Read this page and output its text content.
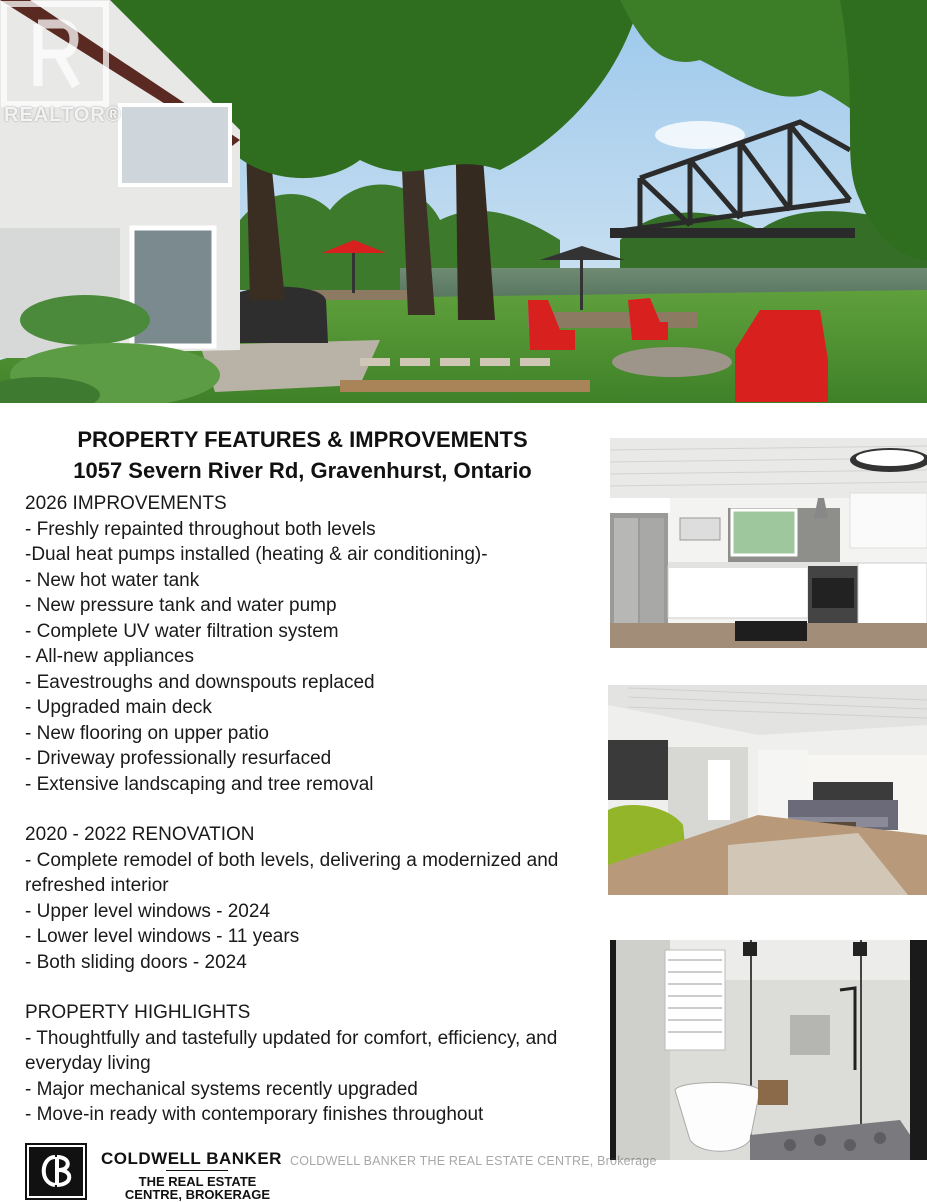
REALTOR®
PROPERTY FEATURES & IMPROVEMENTS
1057 Severn River Rd, Gravenhurst, Ontario
2026 IMPROVEMENTS
- Freshly repainted throughout both levels
-Dual heat pumps installed (heating & air conditioning)-
- New hot water tank
- New pressure tank and water pump
- Complete UV water filtration system
- All-new appliances
- Eavestroughs and downspouts replaced
- Upgraded main deck
- New flooring on upper patio
- Driveway professionally resurfaced
- Extensive landscaping and tree removal
2020 - 2022 RENOVATION
- Complete remodel of both levels, delivering a modernized and refreshed interior
- Upper level windows - 2024
- Lower level windows - 11 years
- Both sliding doors - 2024
PROPERTY HIGHLIGHTS
- Thoughtfully and tastefully updated for comfort, efficiency, and everyday living
- Major mechanical systems recently upgraded
- Move-in ready with contemporary finishes throughout
COLDWELL BANKER
THE REAL ESTATE
CENTRE, BROKERAGE
COLDWELL BANKER THE REAL ESTATE CENTRE, Brokerage
